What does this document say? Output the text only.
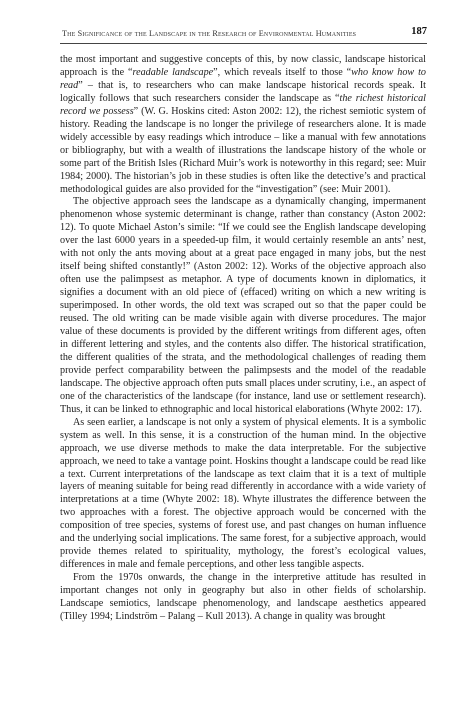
The Significance of the Landscape in the Research of Environmental Humanities	187

the most important and suggestive concepts of this, by now classic, landscape historical approach is the “readable landscape”, which reveals itself to those “who know how to read” – that is, to researchers who can make landscape historical records speak. It logically follows that such researchers consider the landscape as “the richest historical record we possess” (W. G. Hoskins cited: Aston 2002: 12), the richest semiotic system of history. Reading the landscape is no longer the privilege of researchers alone. It is made widely accessible by easy readings which introduce – like a manual with few annotations or bibliography, but with a wealth of illustrations the landscape history of the whole or some part of the British Isles (Richard Muir’s work is noteworthy in this regard; see: Muir 1984; 2000). The historian’s job in these studies is often like the detective’s and practical methodological guides are also provided for the “investigation” (see: Muir 2001).

The objective approach sees the landscape as a dynamically changing, impermanent phenomenon whose systemic determinant is change, rather than constancy (Aston 2002: 12). To quote Michael Aston’s simile: “If we could see the English landscape developing over the last 6000 years in a speeded-up film, it would certainly resemble an ants’ nest, with not only the ants moving about at a great pace engaged in many jobs, but the nest itself being shifted constantly!” (Aston 2002: 12). Works of the objective approach also often use the palimpsest as metaphor. A type of documents known in diplomatics, it signifies a document with an old piece of (effaced) writing on which a new writing is superimposed. In other words, the old text was scraped out so that the paper could be reused. The old writing can be made visible again with diverse procedures. The major value of these documents is provided by the different writings from different ages, often in different lettering and styles, and the contents also differ. The historical stratification, the different qualities of the strata, and the methodological challenges of reading them provide perfect comparability between the palimpsests and the model of the readable landscape. The objective approach often puts small places under scrutiny, i.e., an aspect of one of the characteristics of the landscape (for instance, land use or settlement research). Thus, it can be linked to ethnographic and local historical elaborations (Whyte 2002: 17).

As seen earlier, a landscape is not only a system of physical elements. It is a symbolic system as well. In this sense, it is a construction of the human mind. In the objective approach, we use diverse methods to make the data interpretable. For the subjective approach, we need to take a vantage point. Hoskins thought a landscape could be read like a text. Current interpretations of the landscape as text claim that it is a text of multiple layers of meaning suitable for being read differently in accordance with a wide variety of interpretations at a time (Whyte 2002: 18). Whyte illustrates the difference between the two approaches with a forest. The objective approach would be concerned with the composition of tree species, systems of forest use, and past changes on human influence and the underlying social implications. The same forest, for a subjective approach, would provide themes related to spirituality, mythology, the forest’s ecological values, differences in male and female perceptions, and other less tangible aspects.

From the 1970s onwards, the change in the interpretive attitude has resulted in important changes not only in geography but also in other fields of scholarship. Landscape semiotics, landscape phenomenology, and landscape aesthetics appeared (Tilley 1994; Lindström – Palang – Kull 2013). A change in quality was brought
